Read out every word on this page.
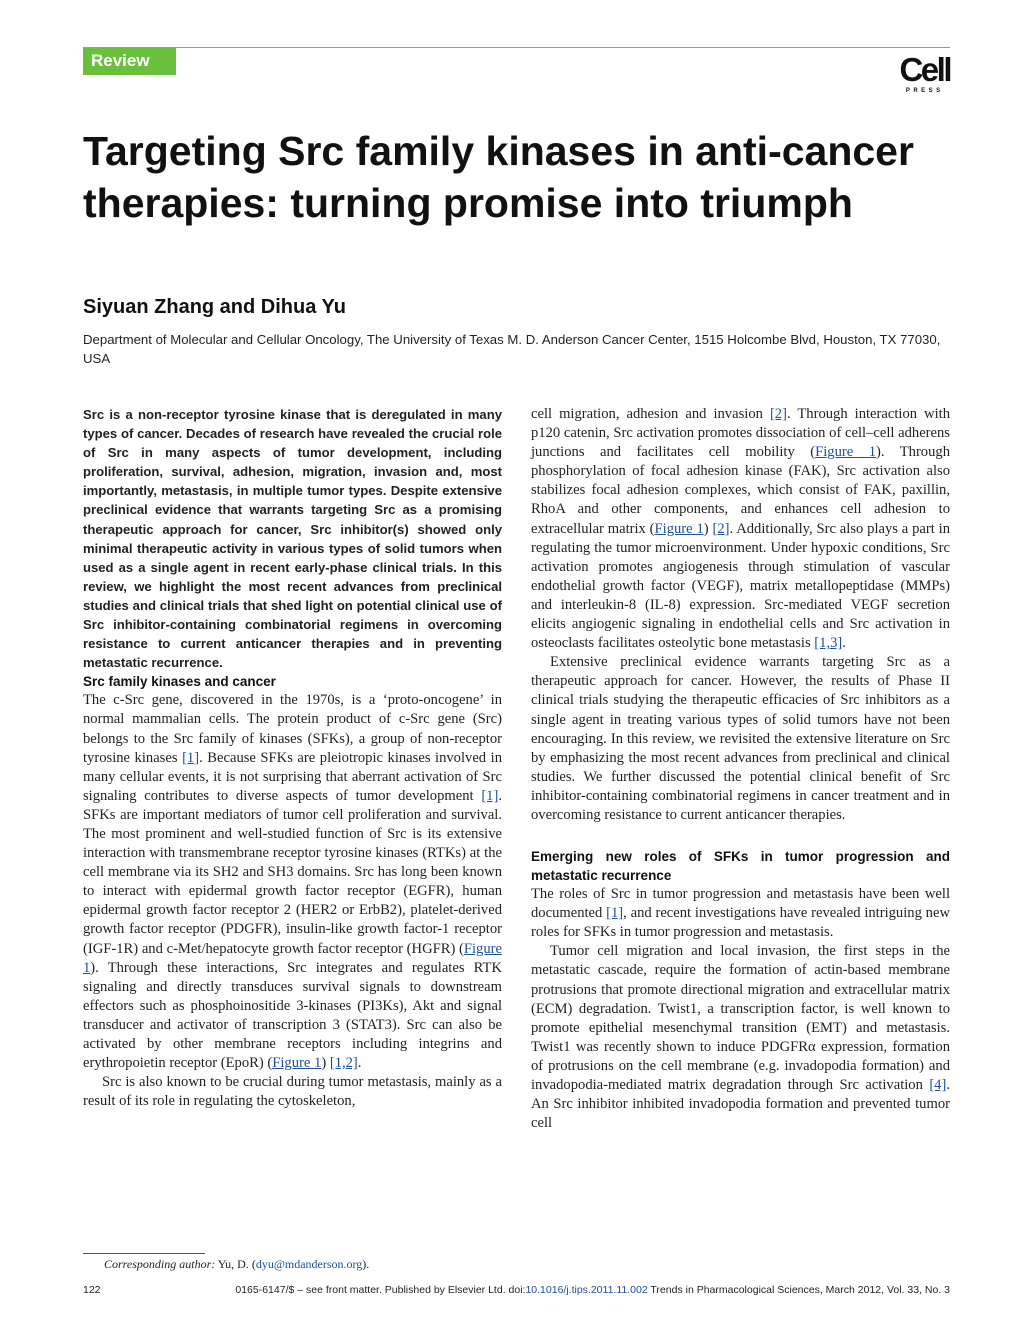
Review	Cell
PRESS
Targeting Src family kinases in anti-cancer therapies: turning promise into triumph
Siyuan Zhang and Dihua Yu
Department of Molecular and Cellular Oncology, The University of Texas M. D. Anderson Cancer Center, 1515 Holcombe Blvd, Houston, TX 77030, USA

Src is a non-receptor tyrosine kinase that is deregulated in many types of cancer. Decades of research have revealed the crucial role of Src in many aspects of tumor development, including proliferation, survival, adhesion, migration, invasion and, most importantly, metastasis, in multiple tumor types. Despite extensive preclinical evidence that warrants targeting Src as a promising therapeutic approach for cancer, Src inhibitor(s) showed only minimal therapeutic activity in various types of solid tumors when used as a single agent in recent early-phase clinical trials. In this review, we highlight the most recent advances from preclinical studies and clinical trials that shed light on potential clinical use of Src inhibitor-containing combinatorial regimens in overcoming resistance to current anticancer therapies and in preventing metastatic recurrence.

Src family kinases and cancer

The c-Src gene, discovered in the 1970s, is a ‘proto-oncogene’ in normal mammalian cells. The protein product of c-Src gene (Src) belongs to the Src family of kinases (SFKs), a group of non-receptor tyrosine kinases [1]. Because SFKs are pleiotropic kinases involved in many cellular events, it is not surprising that aberrant activation of Src signaling contributes to diverse aspects of tumor development [1]. SFKs are important mediators of tumor cell proliferation and survival. The most prominent and well-studied function of Src is its extensive interaction with transmembrane receptor tyrosine kinases (RTKs) at the cell membrane via its SH2 and SH3 domains. Src has long been known to interact with epidermal growth factor receptor (EGFR), human epidermal growth factor receptor 2 (HER2 or ErbB2), platelet-derived growth factor receptor (PDGFR), insulin-like growth factor-1 receptor (IGF-1R) and c-Met/hepatocyte growth factor receptor (HGFR) (Figure 1). Through these interactions, Src integrates and regulates RTK signaling and directly transduces survival signals to downstream effectors such as phosphoinositide 3-kinases (PI3Ks), Akt and signal transducer and activator of transcription 3 (STAT3). Src can also be activated by other membrane receptors including integrins and erythropoietin receptor (EpoR) (Figure 1) [1,2].

Src is also known to be crucial during tumor metastasis, mainly as a result of its role in regulating the cytoskeleton,

cell migration, adhesion and invasion [2]. Through interaction with p120 catenin, Src activation promotes dissociation of cell–cell adherens junctions and facilitates cell mobility (Figure 1). Through phosphorylation of focal adhesion kinase (FAK), Src activation also stabilizes focal adhesion complexes, which consist of FAK, paxillin, RhoA and other components, and enhances cell adhesion to extracellular matrix (Figure 1) [2]. Additionally, Src also plays a part in regulating the tumor microenvironment. Under hypoxic conditions, Src activation promotes angiogenesis through stimulation of vascular endothelial growth factor (VEGF), matrix metallopeptidase (MMPs) and interleukin-8 (IL-8) expression. Src-mediated VEGF secretion elicits angiogenic signaling in endothelial cells and Src activation in osteoclasts facilitates osteolytic bone metastasis [1,3].

Extensive preclinical evidence warrants targeting Src as a therapeutic approach for cancer. However, the results of Phase II clinical trials studying the therapeutic efficacies of Src inhibitors as a single agent in treating various types of solid tumors have not been encouraging. In this review, we revisited the extensive literature on Src by emphasizing the most recent advances from preclinical and clinical studies. We further discussed the potential clinical benefit of Src inhibitor-containing combinatorial regimens in cancer treatment and in overcoming resistance to current anticancer therapies.

Emerging new roles of SFKs in tumor progression and metastatic recurrence

The roles of Src in tumor progression and metastasis have been well documented [1], and recent investigations have revealed intriguing new roles for SFKs in tumor progression and metastasis.

Tumor cell migration and local invasion, the first steps in the metastatic cascade, require the formation of actin-based membrane protrusions that promote directional migration and extracellular matrix (ECM) degradation. Twist1, a transcription factor, is well known to promote epithelial mesenchymal transition (EMT) and metastasis. Twist1 was recently shown to induce PDGFRα expression, formation of protrusions on the cell membrane (e.g. invadopodia formation) and invadopodia-mediated matrix degradation through Src activation [4]. An Src inhibitor inhibited invadopodia formation and prevented tumor cell

Corresponding author: Yu, D. (dyu@mdanderson.org).
122	0165-6147/$ – see front matter. Published by Elsevier Ltd. doi:10.1016/j.tips.2011.11.002 Trends in Pharmacological Sciences, March 2012, Vol. 33, No. 3
